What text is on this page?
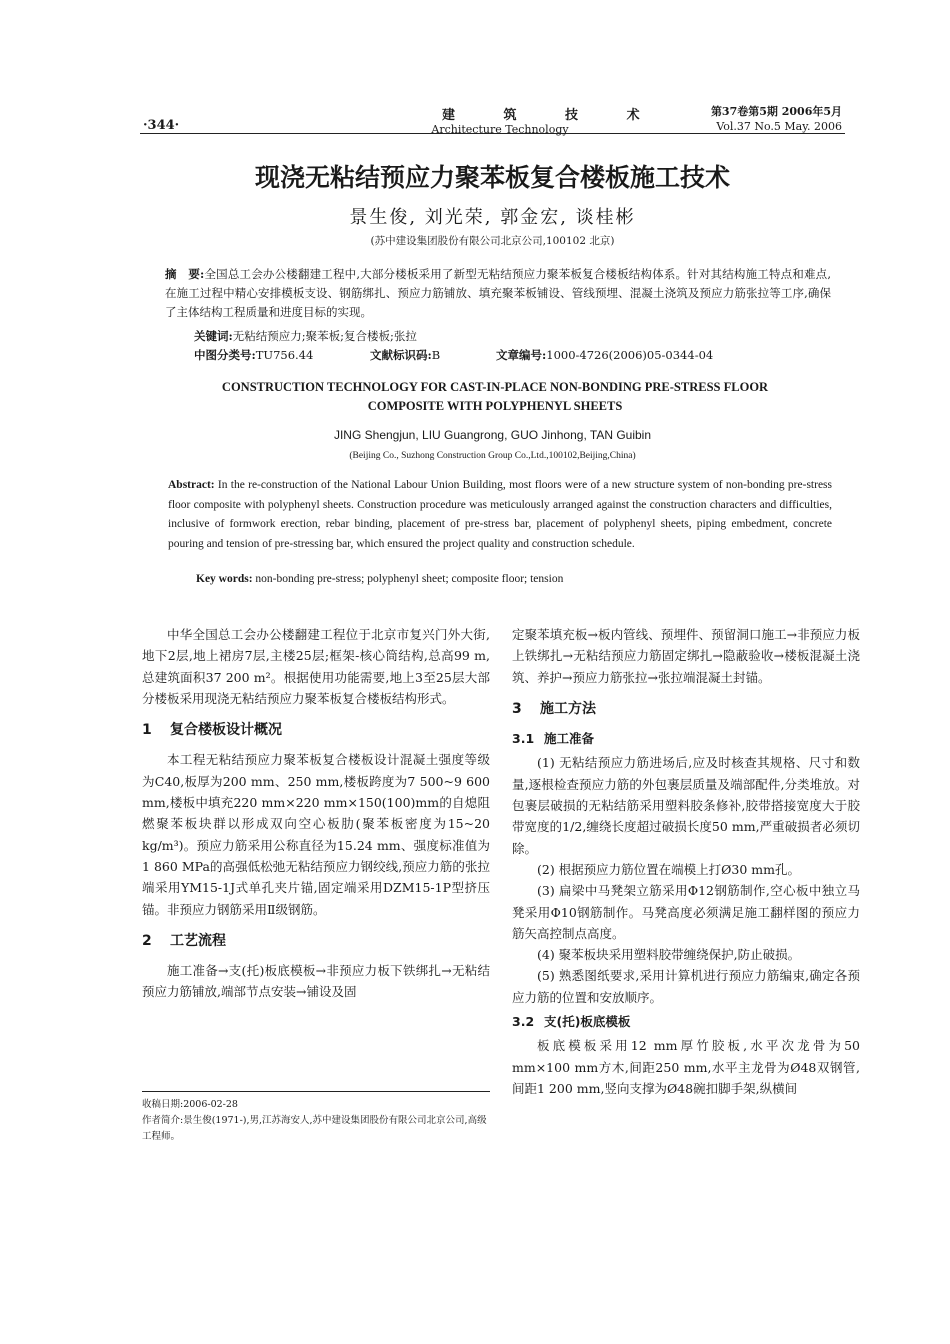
·344·
建 筑 技 术
Architecture Technology
第37卷第5期 2006年5月
Vol.37 No.5 May. 2006
现浇无粘结预应力聚苯板复合楼板施工技术
景生俊, 刘光荣, 郭金宏, 谈桂彬
(苏中建设集团股份有限公司北京公司,100102 北京)
摘　要:全国总工会办公楼翻建工程中,大部分楼板采用了新型无粘结预应力聚苯板复合楼板结构体系。针对其结构施工特点和难点,在施工过程中精心安排模板支设、钢筋绑扎、预应力筋铺放、填充聚苯板铺设、管线预埋、混凝土浇筑及预应力筋张拉等工序,确保了主体结构工程质量和进度目标的实现。
关键词:无粘结预应力;聚苯板;复合楼板;张拉
中图分类号:TU756.44	文献标识码:B	文章编号:1000-4726(2006)05-0344-04
CONSTRUCTION TECHNOLOGY FOR CAST-IN-PLACE NON-BONDING PRE-STRESS FLOOR
COMPOSITE WITH POLYPHENYL SHEETS
JING Shengjun, LIU Guangrong, GUO Jinhong, TAN Guibin
(Beijing Co., Suzhong Construction Group Co.,Ltd.,100102,Beijing,China)
Abstract: In the re-construction of the National Labour Union Building, most floors were of a new structure system of non-bonding pre-stress floor composite with polyphenyl sheets. Construction procedure was meticulously arranged against the construction characters and difficulties, inclusive of formwork erection, rebar binding, placement of pre-stress bar, placement of polyphenyl sheets, piping embedment, concrete pouring and tension of pre-stressing bar, which ensured the project quality and construction schedule.
Key words: non-bonding pre-stress; polyphenyl sheet; composite floor; tension

中华全国总工会办公楼翻建工程位于北京市复兴门外大街,地下2层,地上裙房7层,主楼25层;框架-核心筒结构,总高99 m,总建筑面积37 200 m²。根据使用功能需要,地上3至25层大部分楼板采用现浇无粘结预应力聚苯板复合楼板结构形式。

1 复合楼板设计概况

本工程无粘结预应力聚苯板复合楼板设计混凝土强度等级为C40,板厚为200 mm、250 mm,楼板跨度为7 500~9 600 mm,楼板中填充220 mm×220 mm×150(100)mm的自熄阻燃聚苯板块群以形成双向空心板肋(聚苯板密度为15~20 kg/m³)。预应力筋采用公称直径为15.24 mm、强度标准值为1 860 MPa的高强低松弛无粘结预应力钢绞线,预应力筋的张拉端采用YM15-1J式单孔夹片锚,固定端采用DZM15-1P型挤压锚。非预应力钢筋采用Ⅱ级钢筋。

2 工艺流程

施工准备→支(托)板底模板→非预应力板下铁绑扎→无粘结预应力筋铺放,端部节点安装→铺设及固

收稿日期:2006-02-28

作者简介:景生俊(1971-),男,江苏海安人,苏中建设集团股份有限公司北京公司,高级工程师。

定聚苯填充板→板内管线、预埋件、预留洞口施工→非预应力板上铁绑扎→无粘结预应力筋固定绑扎→隐蔽验收→楼板混凝土浇筑、养护→预应力筋张拉→张拉端混凝土封锚。

3 施工方法
3.1 施工准备

(1) 无粘结预应力筋进场后,应及时核查其规格、尺寸和数量,逐根检查预应力筋的外包裹层质量及端部配件,分类堆放。对包裹层破损的无粘结筋采用塑料胶条修补,胶带搭接宽度大于胶带宽度的1/2,缠绕长度超过破损长度50 mm,严重破损者必须切除。

(2) 根据预应力筋位置在端模上打Ø30 mm孔。

(3) 扁梁中马凳架立筋采用Φ12钢筋制作,空心板中独立马凳采用Φ10钢筋制作。马凳高度必须满足施工翻样图的预应力筋矢高控制点高度。

(4) 聚苯板块采用塑料胶带缠绕保护,防止破损。

(5) 熟悉图纸要求,采用计算机进行预应力筋编束,确定各预应力筋的位置和安放顺序。

3.2 支(托)板底模板

板底模板采用12 mm厚竹胶板,水平次龙骨为50 mm×100 mm方木,间距250 mm,水平主龙骨为Ø48双钢管,间距1 200 mm,竖向支撑为Ø48碗扣脚手架,纵横间
